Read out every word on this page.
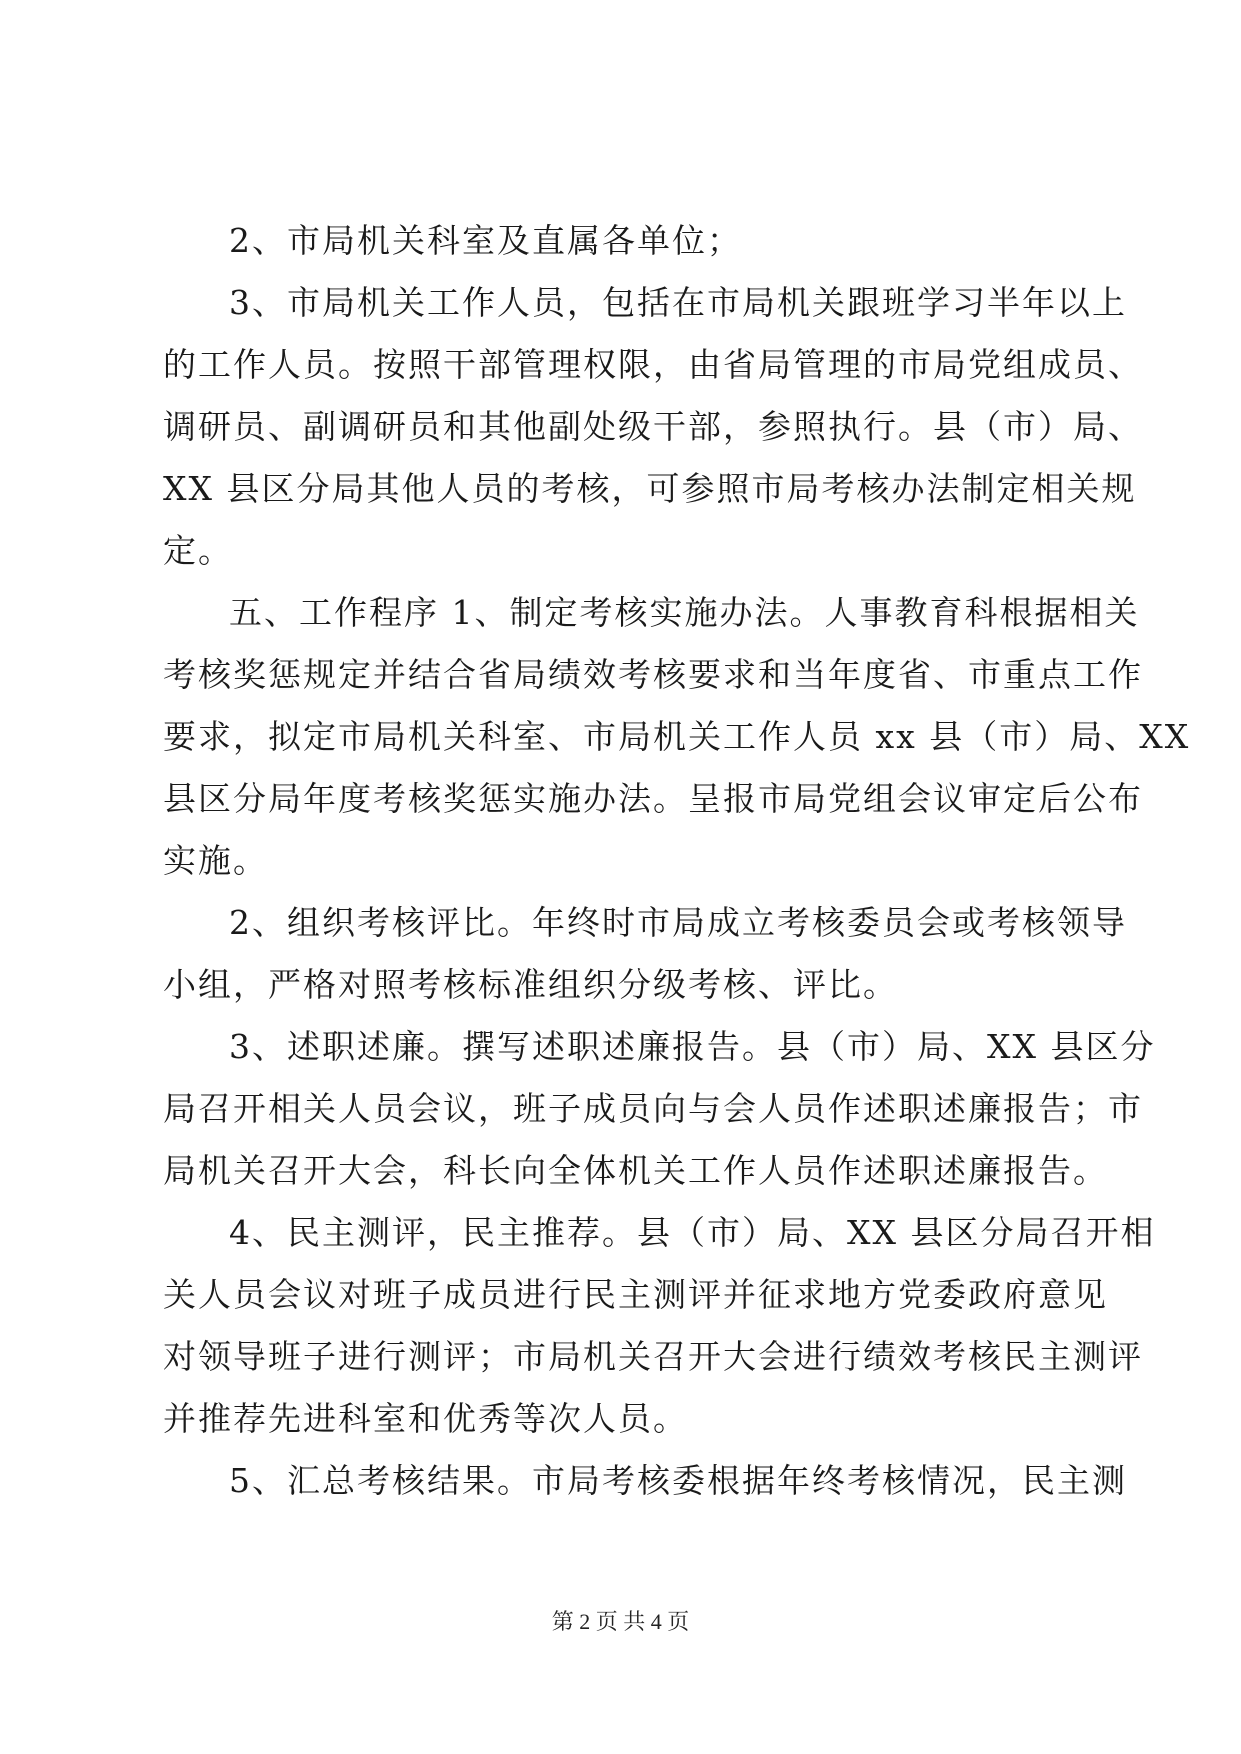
2、市局机关科室及直属各单位；
3、市局机关工作人员，包括在市局机关跟班学习半年以上
的工作人员。按照干部管理权限，由省局管理的市局党组成员、
调研员、副调研员和其他副处级干部，参照执行。县（市）局、
XX 县区分局其他人员的考核，可参照市局考核办法制定相关规
定。
五、工作程序 1、制定考核实施办法。人事教育科根据相关
考核奖惩规定并结合省局绩效考核要求和当年度省、市重点工作
要求，拟定市局机关科室、市局机关工作人员 xx 县（市）局、XX
县区分局年度考核奖惩实施办法。呈报市局党组会议审定后公布
实施。
2、组织考核评比。年终时市局成立考核委员会或考核领导
小组，严格对照考核标准组织分级考核、评比。
3、述职述廉。撰写述职述廉报告。县（市）局、XX 县区分
局召开相关人员会议，班子成员向与会人员作述职述廉报告；市
局机关召开大会，科长向全体机关工作人员作述职述廉报告。
4、民主测评，民主推荐。县（市）局、XX 县区分局召开相
关人员会议对班子成员进行民主测评并征求地方党委政府意见
对领导班子进行测评；市局机关召开大会进行绩效考核民主测评
并推荐先进科室和优秀等次人员。
5、汇总考核结果。市局考核委根据年终考核情况，民主测
第 2 页 共 4 页
